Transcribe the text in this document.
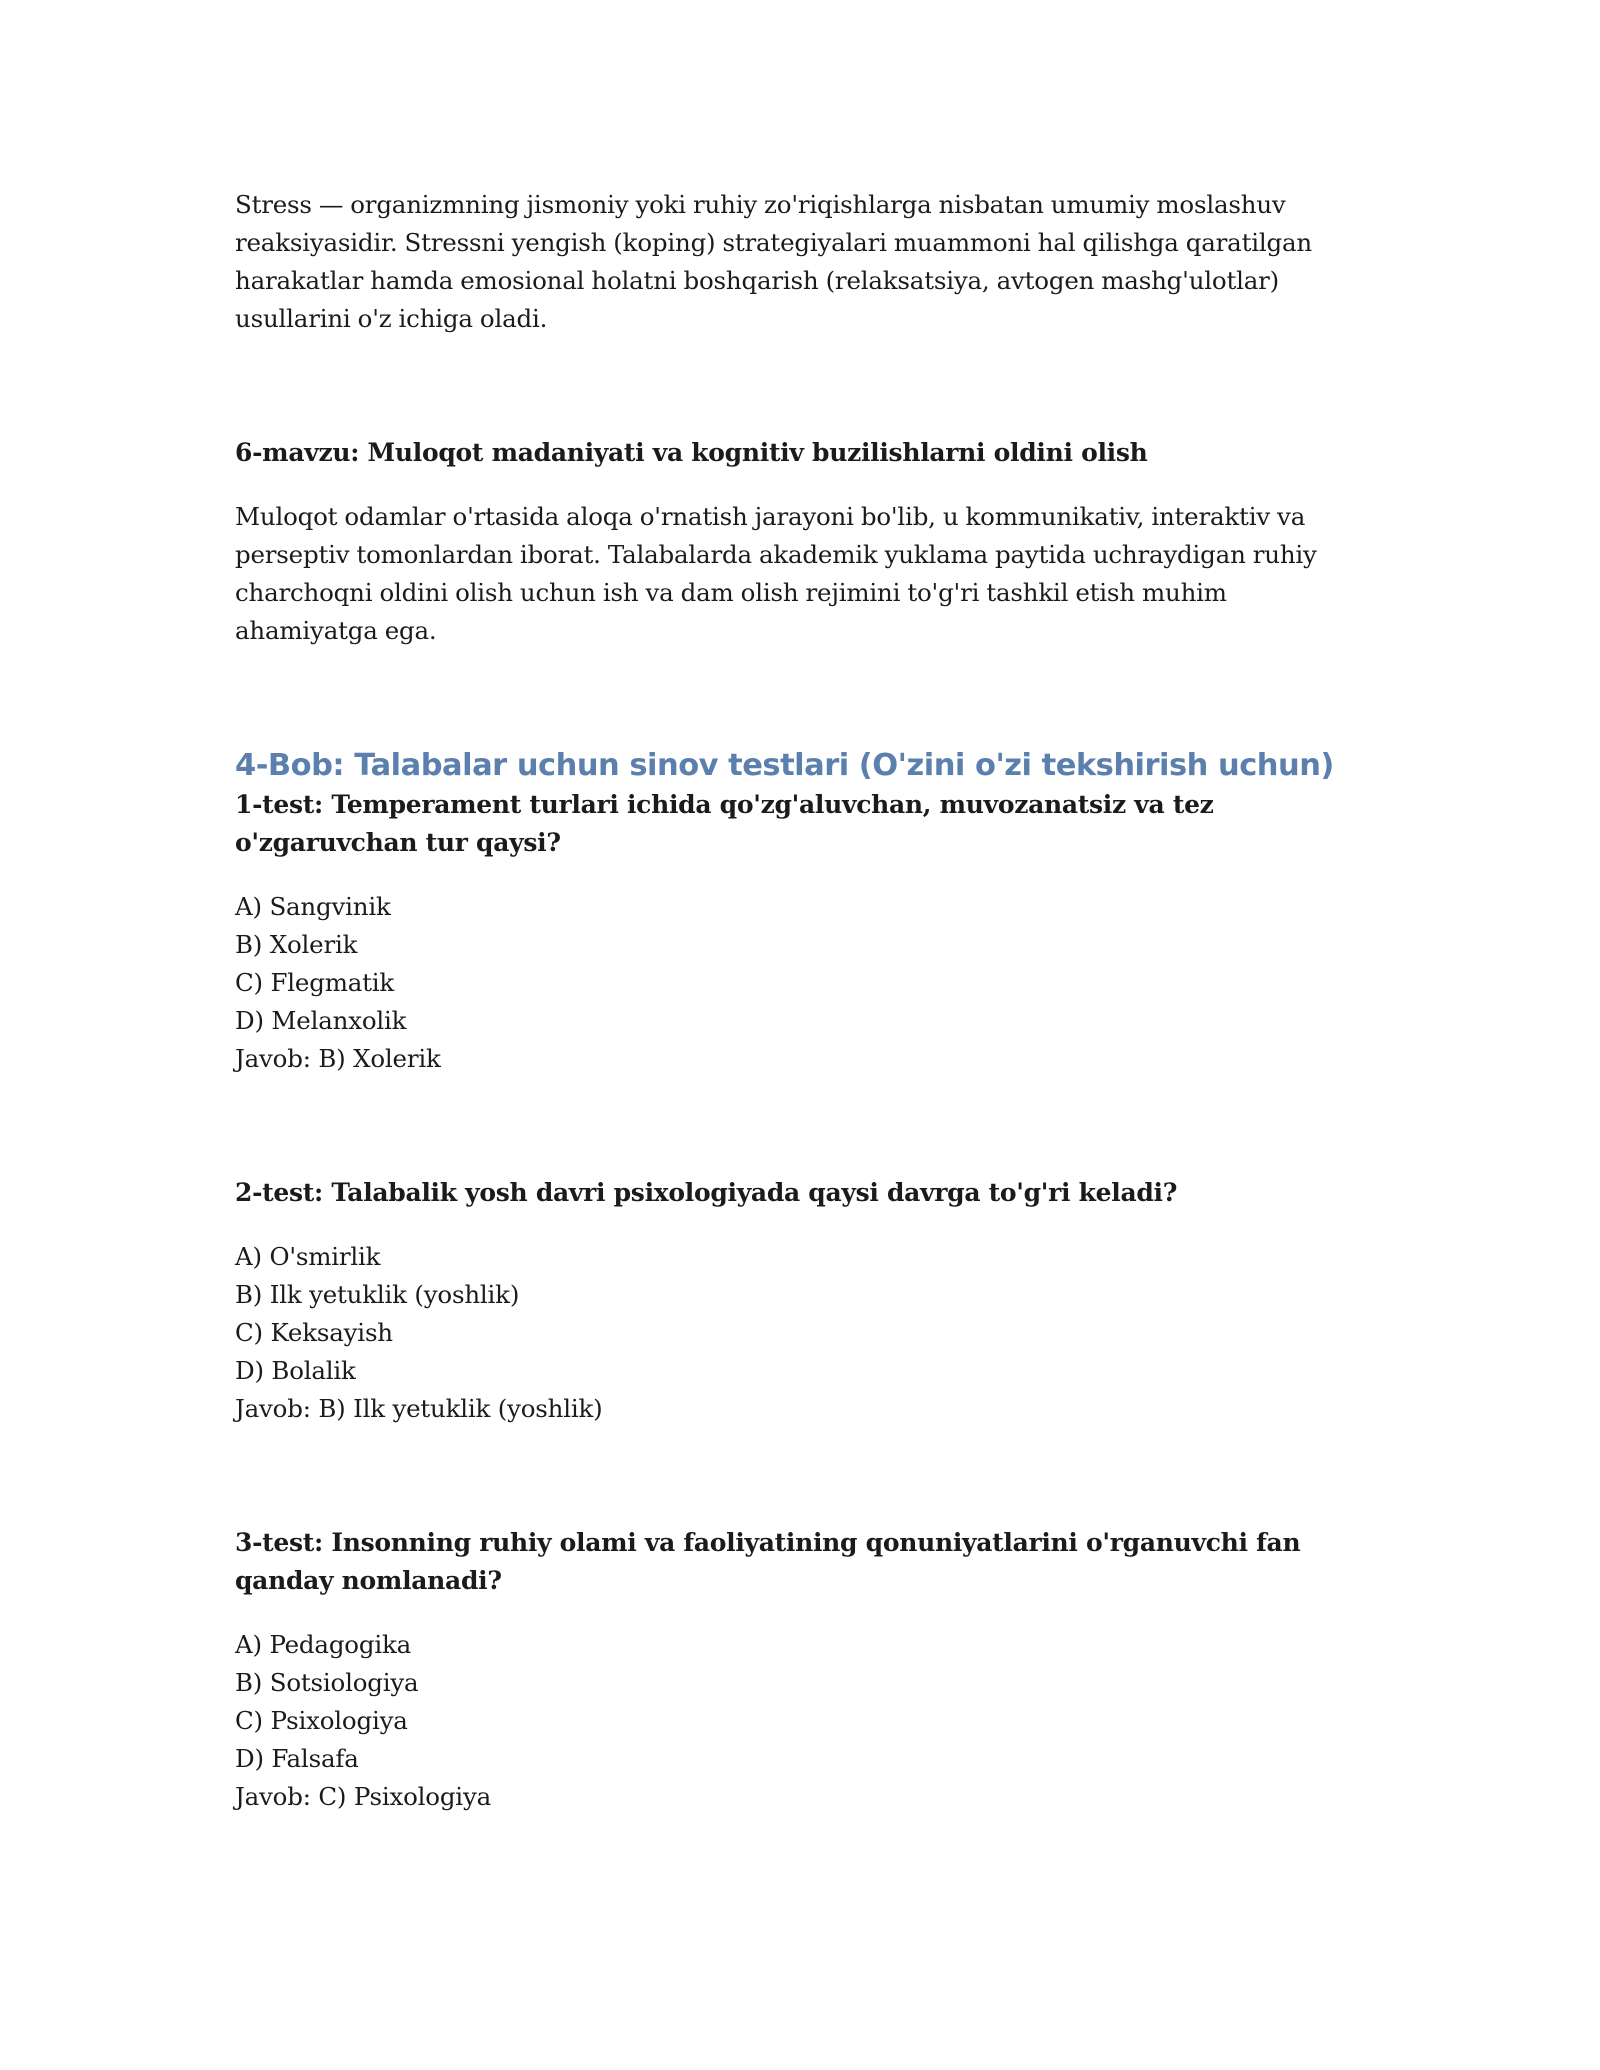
Stress — organizmning jismoniy yoki ruhiy zo'riqishlarga nisbatan umumiy moslashuv reaksiyasidir. Stressni yengish (koping) strategiyalari muammoni hal qilishga qaratilgan harakatlar hamda emosional holatni boshqarish (relaksatsiya, avtogen mashg'ulotlar) usullarini o'z ichiga oladi.

6-mavzu: Muloqot madaniyati va kognitiv buzilishlarni oldini olish

Muloqot odamlar o'rtasida aloqa o'rnatish jarayoni bo'lib, u kommunikativ, interaktiv va perseptiv tomonlardan iborat. Talabalarda akademik yuklama paytida uchraydigan ruhiy charchoqni oldini olish uchun ish va dam olish rejimini to'g'ri tashkil etish muhim ahamiyatga ega.

4-Bob: Talabalar uchun sinov testlari (O'zini o'zi tekshirish uchun)

1-test: Temperament turlari ichida qo'zg'aluvchan, muvozanatsiz va tez o'zgaruvchan tur qaysi?

A) Sangvinik
B) Xolerik
C) Flegmatik
D) Melanxolik

Javob: B) Xolerik

2-test: Talabalik yosh davri psixologiyada qaysi davrga to'g'ri keladi?

A) O'smirlik
B) Ilk yetuklik (yoshlik)
C) Keksayish
D) Bolalik

Javob: B) Ilk yetuklik (yoshlik)

3-test: Insonning ruhiy olami va faoliyatining qonuniyatlarini o'rganuvchi fan qanday nomlanadi?

A) Pedagogika
B) Sotsiologiya
C) Psixologiya
D) Falsafa

Javob: C) Psixologiya
